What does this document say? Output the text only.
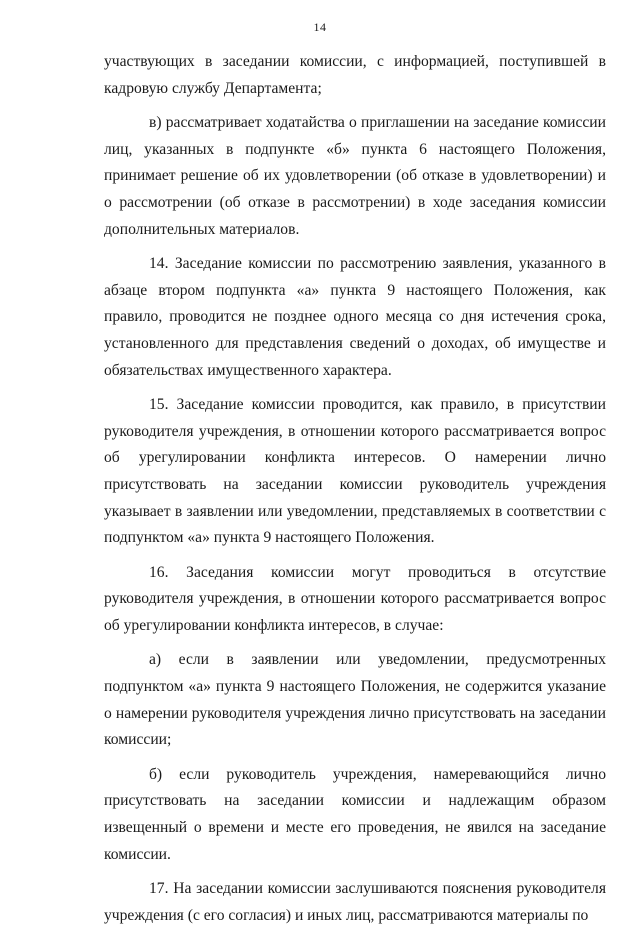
14

участвующих в заседании комиссии, с информацией, поступившей в кадровую службу Департамента;

в) рассматривает ходатайства о приглашении на заседание комиссии лиц, указанных в подпункте «б» пункта 6 настоящего Положения, принимает решение об их удовлетворении (об отказе в удовлетворении) и о рассмотрении (об отказе в рассмотрении) в ходе заседания комиссии дополнительных материалов.

14. Заседание комиссии по рассмотрению заявления, указанного в абзаце втором подпункта «а» пункта 9 настоящего Положения, как правило, проводится не позднее одного месяца со дня истечения срока, установленного для представления сведений о доходах, об имуществе и обязательствах имущественного характера.

15. Заседание комиссии проводится, как правило, в присутствии руководителя учреждения, в отношении которого рассматривается вопрос об урегулировании конфликта интересов. О намерении лично присутствовать на заседании комиссии руководитель учреждения указывает в заявлении или уведомлении, представляемых в соответствии с подпунктом «а» пункта 9 настоящего Положения.

16. Заседания комиссии могут проводиться в отсутствие руководителя учреждения, в отношении которого рассматривается вопрос об урегулировании конфликта интересов, в случае:

а) если в заявлении или уведомлении, предусмотренных подпунктом «а» пункта 9 настоящего Положения, не содержится указание о намерении руководителя учреждения лично присутствовать на заседании комиссии;

б) если руководитель учреждения, намеревающийся лично присутствовать на заседании комиссии и надлежащим образом извещенный о времени и месте его проведения, не явился на заседание комиссии.

17. На заседании комиссии заслушиваются пояснения руководителя учреждения (с его согласия) и иных лиц, рассматриваются материалы по
